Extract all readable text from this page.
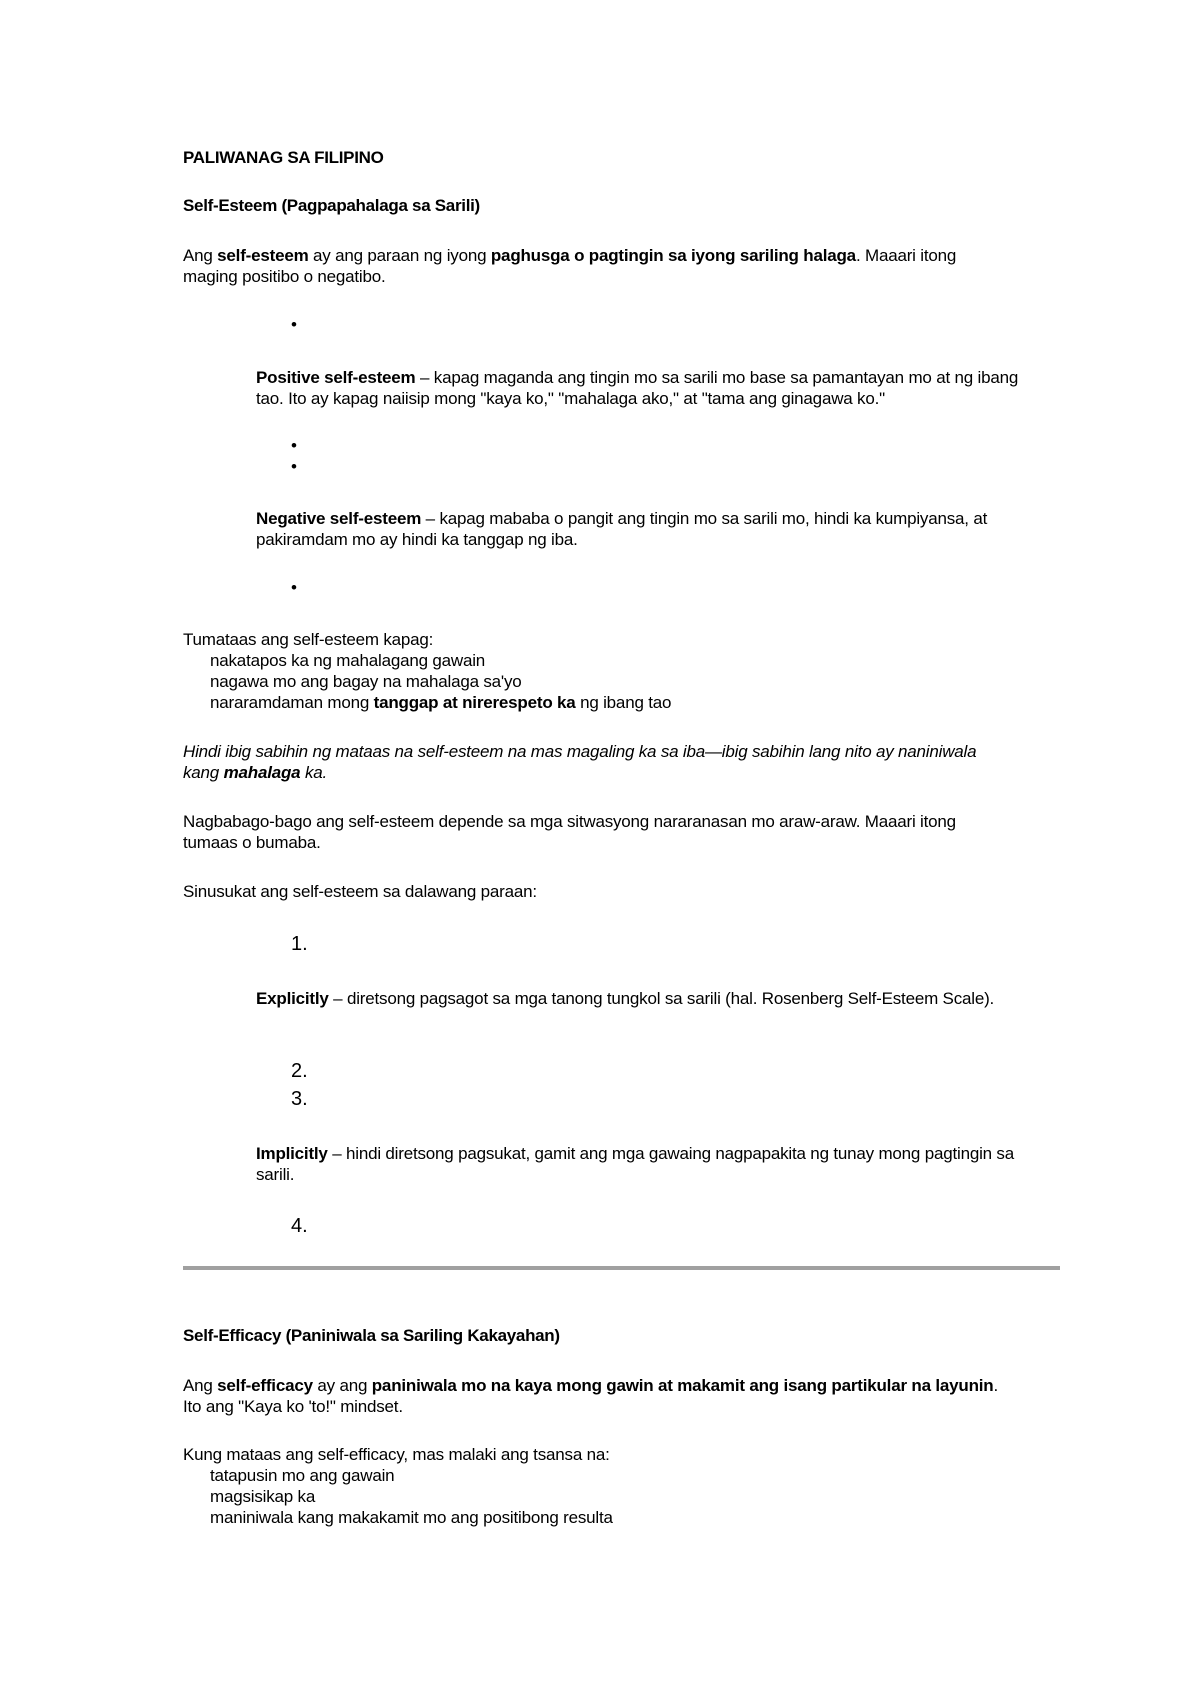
PALIWANAG SA FILIPINO

Self-Esteem (Pagpapahalaga sa Sarili)

Ang self-esteem ay ang paraan ng iyong paghusga o pagtingin sa iyong sariling halaga. Maaari itong maging positibo o negatibo.

•

Positive self-esteem – kapag maganda ang tingin mo sa sarili mo base sa pamantayan mo at ng ibang tao. Ito ay kapag naiisip mong "kaya ko," "mahalaga ako," at "tama ang ginagawa ko."

•
•

Negative self-esteem – kapag mababa o pangit ang tingin mo sa sarili mo, hindi ka kumpiyansa, at pakiramdam mo ay hindi ka tanggap ng iba.

•
Tumataas ang self-esteem kapag:
nakatapos ka ng mahalagang gawain
nagawa mo ang bagay na mahalaga sa'yo
nararamdaman mong tanggap at nirerespeto ka ng ibang tao

Hindi ibig sabihin ng mataas na self-esteem na mas magaling ka sa iba—ibig sabihin lang nito ay naniniwala kang mahalaga ka.

Nagbabago-bago ang self-esteem depende sa mga sitwasyong nararanasan mo araw-araw. Maaari itong tumaas o bumaba.

Sinusukat ang self-esteem sa dalawang paraan:

1.

Explicitly – diretsong pagsagot sa mga tanong tungkol sa sarili (hal. Rosenberg Self-Esteem Scale).

2.
3.

Implicitly – hindi diretsong pagsukat, gamit ang mga gawaing nagpapakita ng tunay mong pagtingin sa sarili.

4.

Self-Efficacy (Paniniwala sa Sariling Kakayahan)

Ang self-efficacy ay ang paniniwala mo na kaya mong gawin at makamit ang isang partikular na layunin. Ito ang "Kaya ko 'to!" mindset.

Kung mataas ang self-efficacy, mas malaki ang tsansa na:
tatapusin mo ang gawain
magsisikap ka
maniniwala kang makakamit mo ang positibong resulta
